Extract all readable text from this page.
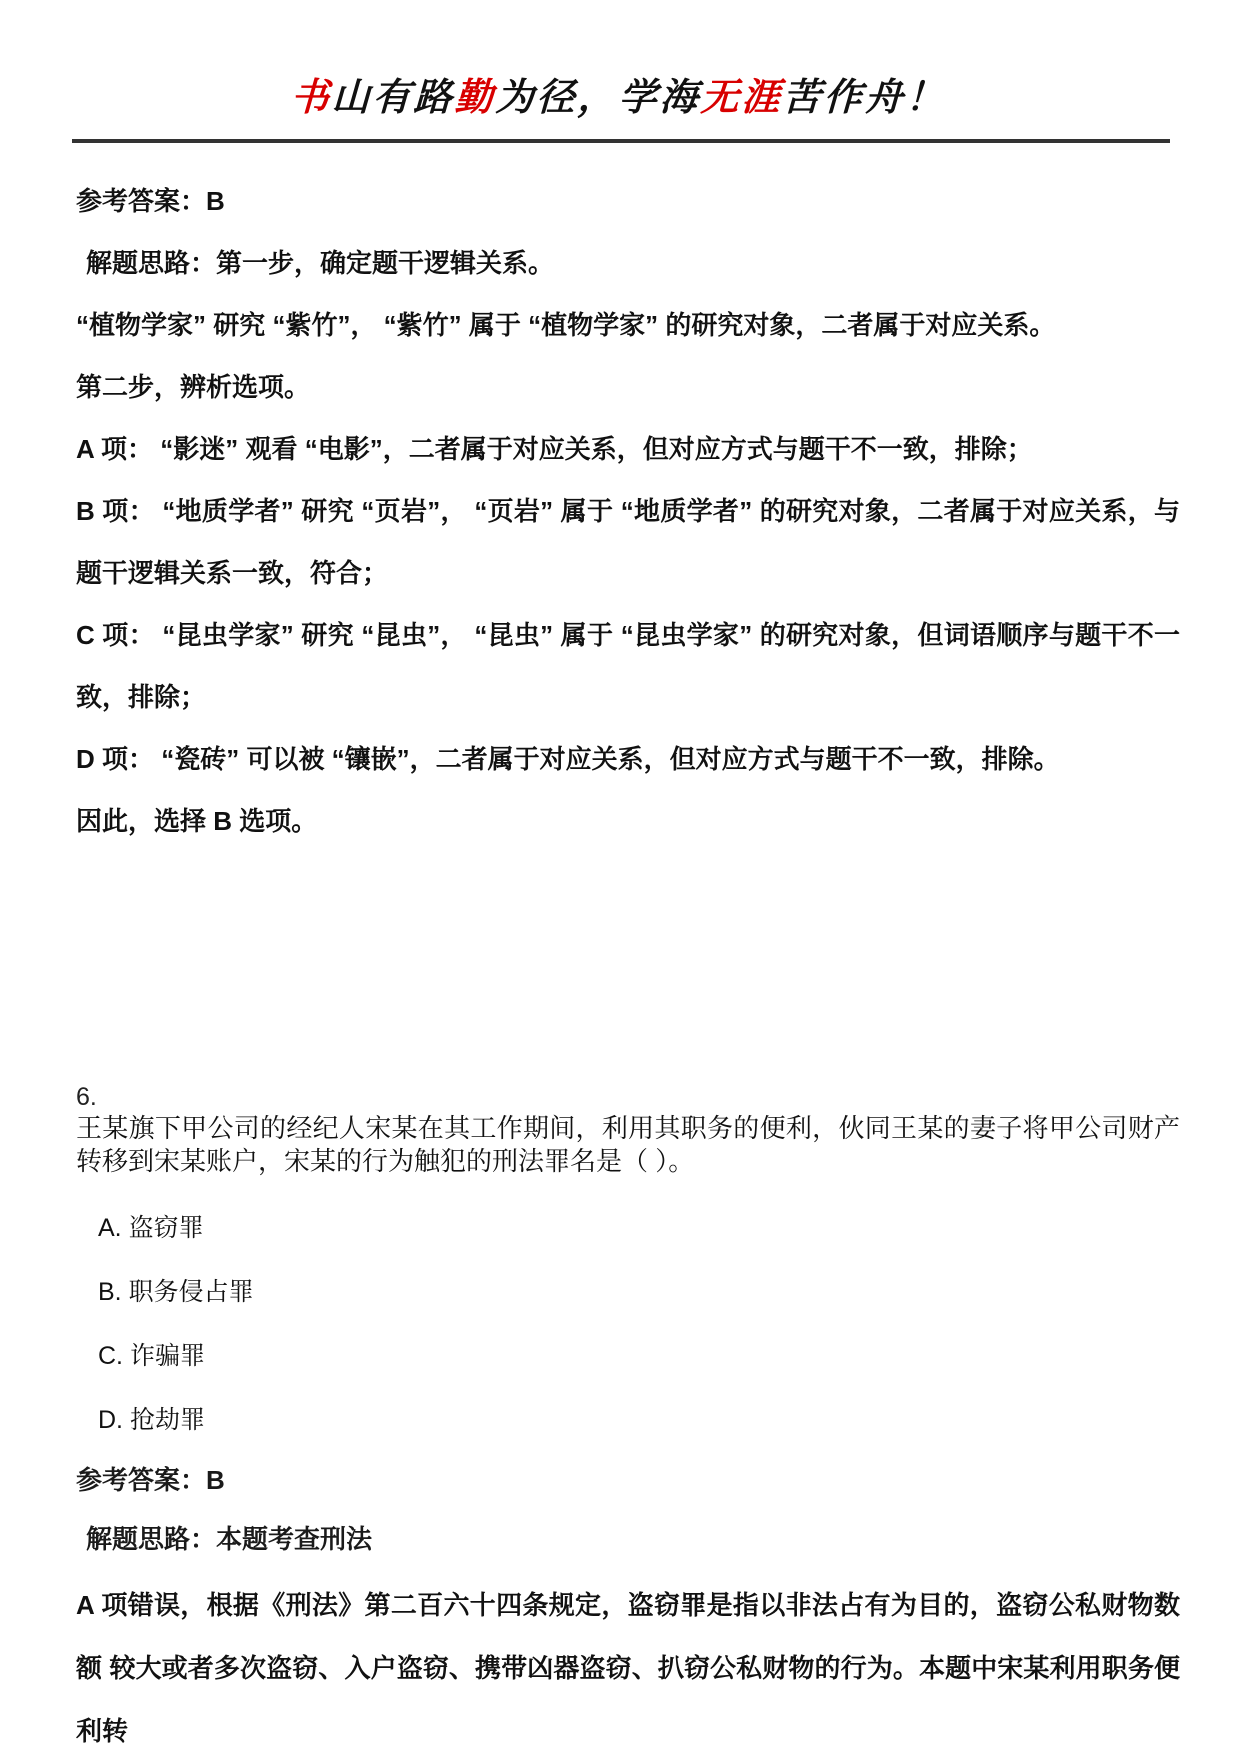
书山有路勤为径，学海无涯苦作舟！

参考答案：B

解题思路：第一步，确定题干逻辑关系。

“植物学家” 研究 “紫竹”， “紫竹” 属于 “植物学家” 的研究对象，二者属于对应关系。

第二步，辨析选项。

A 项： “影迷” 观看 “电影”，二者属于对应关系，但对应方式与题干不一致，排除；

B 项： “地质学者” 研究 “页岩”， “页岩” 属于 “地质学者” 的研究对象，二者属于对应关系，与 题干逻辑关系一致，符合；

C 项： “昆虫学家” 研究 “昆虫”， “昆虫” 属于 “昆虫学家” 的研究对象，但词语顺序与题干不一 致，排除；

D 项： “瓷砖” 可以被 “镶嵌”，二者属于对应关系，但对应方式与题干不一致，排除。

因此，选择 B 选项。

6.

王某旗下甲公司的经纪人宋某在其工作期间，利用其职务的便利，伙同王某的妻子将甲公司财产转移到宋某账户，宋某的行为触犯的刑法罪名是（ ）。

A. 盗窃罪

B. 职务侵占罪

C. 诈骗罪

D. 抢劫罪

参考答案：B

解题思路：本题考查刑法

A 项错误，根据《刑法》第二百六十四条规定，盗窃罪是指以非法占有为目的，盗窃公私财物数额 较大或者多次盗窃、入户盗窃、携带凶器盗窃、扒窃公私财物的行为。本题中宋某利用职务便利转
